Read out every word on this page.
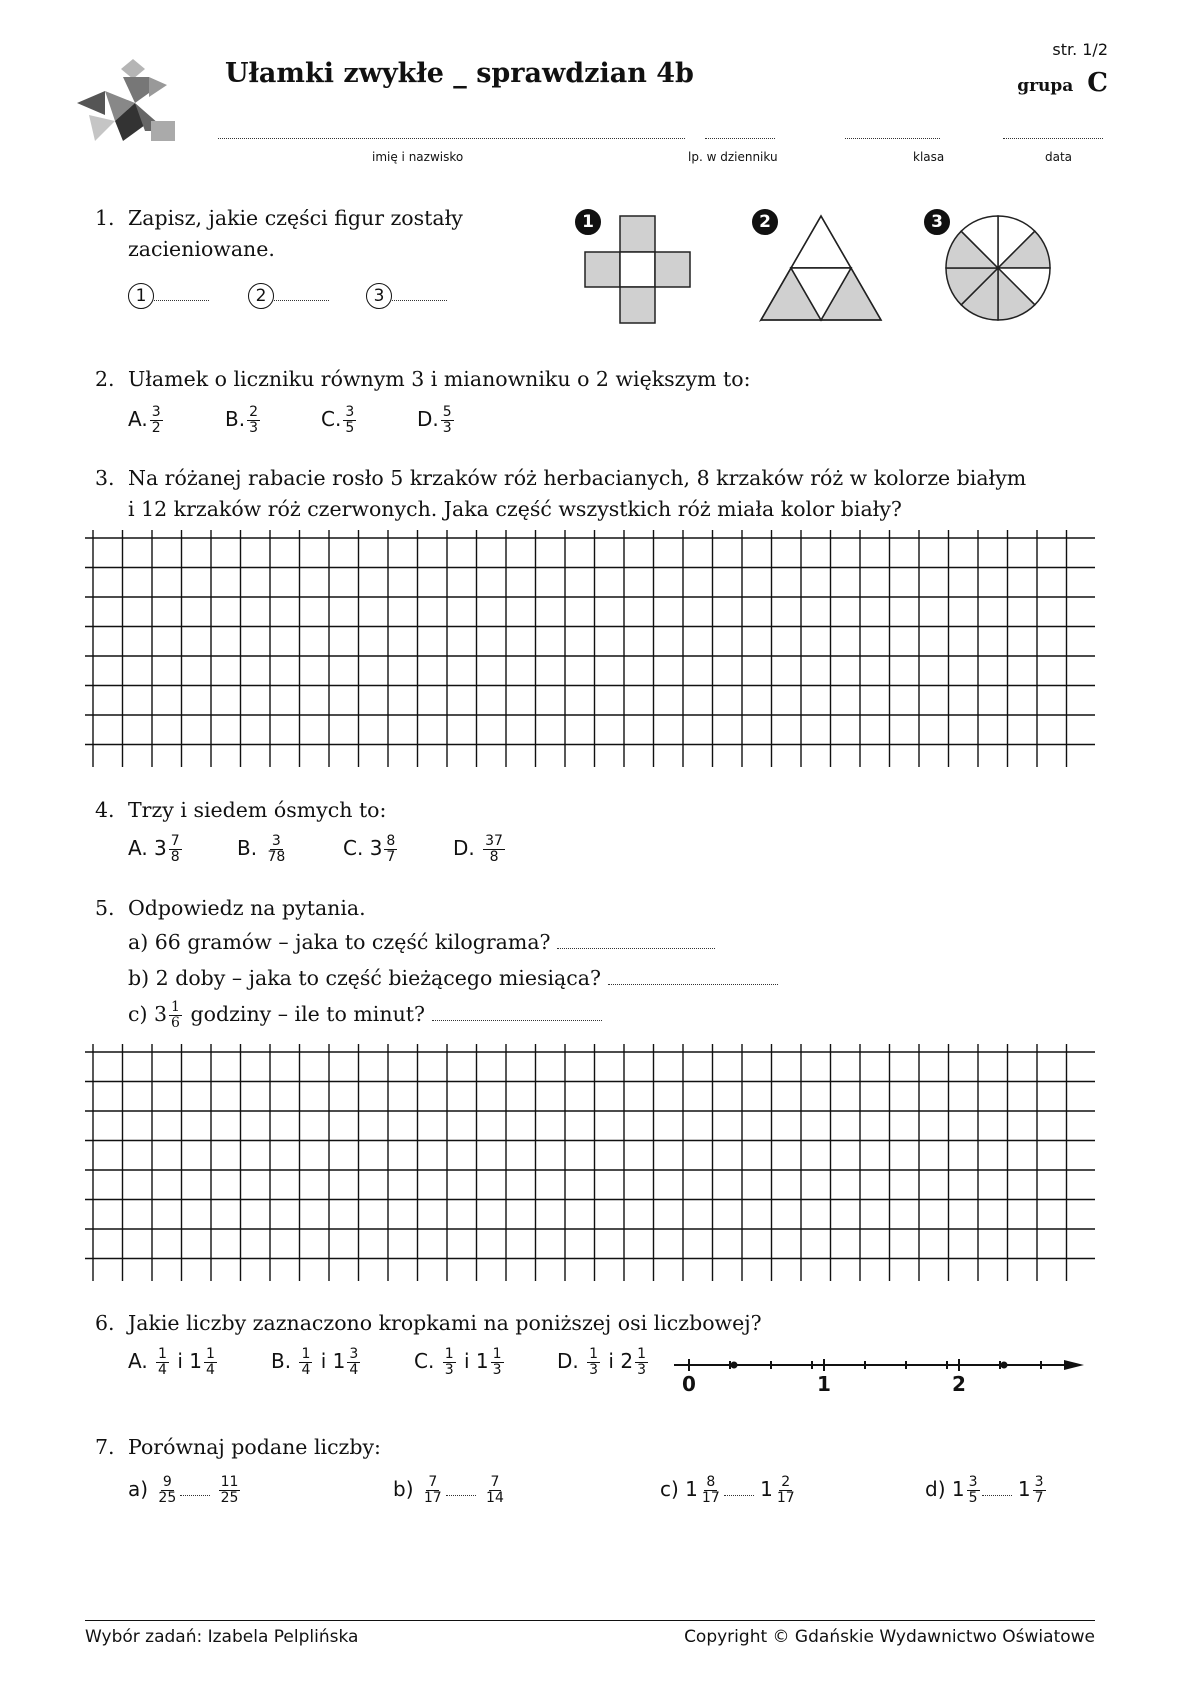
Ułamki zwykłe _ sprawdzian 4b
str. 1/2
grupa C
imię i nazwisko	lp. w dzienniku	klasa	data
1. Zapisz, jakie części figur zostały
zacieniowane.
1	2	3
1	2	3
2. Ułamek o liczniku równym 3 i mianowniku o 2 większym to:
A. $\frac{3}{2}$	B. $\frac{2}{3}$	C. $\frac{3}{5}$	D. $\frac{5}{3}$
3. Na różanej rabacie rosło 5 krzaków róż herbacianych, 8 krzaków róż w kolorze białym
i 12 krzaków róż czerwonych. Jaka część wszystkich róż miała kolor biały?
4. Trzy i siedem ósmych to:
A. $3 \frac{7}{8}$	B. $\frac{3}{78}$	C. $3 \frac{8}{7}$	D. $\frac{37}{8}$
5. Odpowiedz na pytania.
a) 66 gramów – jaka to część kilograma?
b) 2 doby – jaka to część bieżącego miesiąca?
c) $3 \frac{1}{6}$ godziny – ile to minut?
6. Jakie liczby zaznaczono kropkami na poniższej osi liczbowej?
A. $\frac{1}{4}$ i $1 \frac{1}{4}$	B. $\frac{1}{4}$ i $1 \frac{3}{4}$	C. $\frac{1}{3}$ i $1 \frac{1}{3}$	D. $\frac{1}{3}$ i $2 \frac{1}{3}$
0	1	2
7. Porównaj podane liczby:
$a) \frac{9}{25}$
	$\frac{11}{25}$	$b) \frac{7}{17}$
	$\frac{7}{14}$	c) $1 \frac{8}{17} 1 \frac{2}{17}$	d) $1 \frac{3}{5} 1 \frac{3}{7}$
Wybór zadań: Izabela Pelplińska	Copyright © Gdańskie Wydawnictwo Oświatowe
